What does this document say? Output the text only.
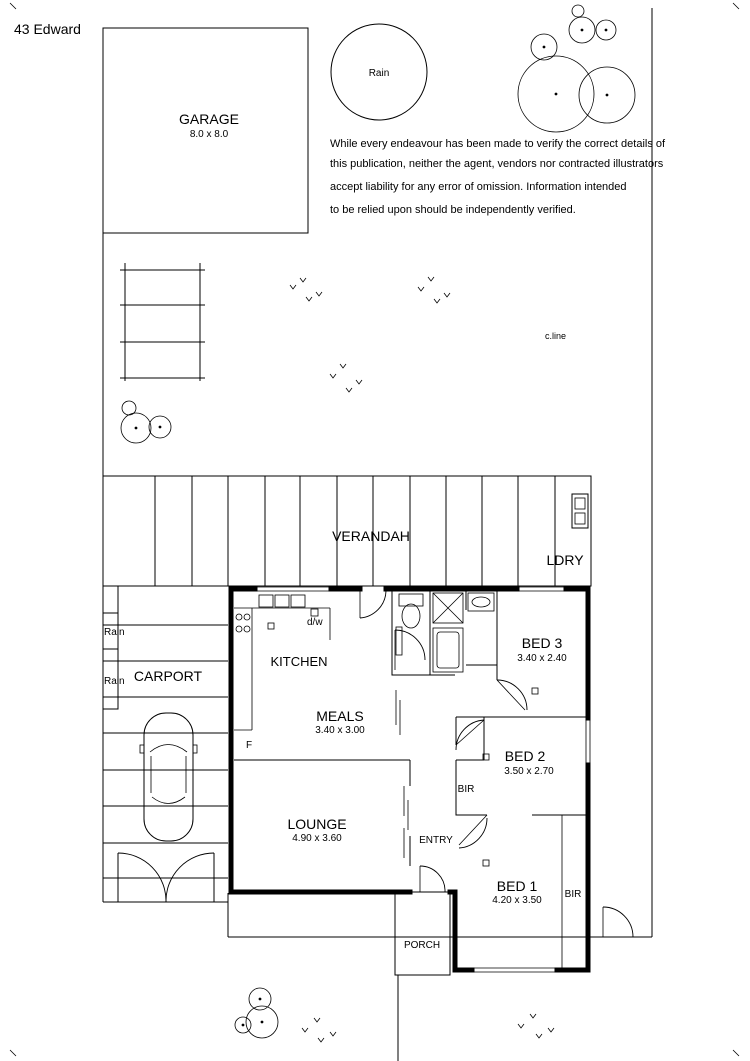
43 Edward
GARAGE
8.0 x 8.0
Rain
While every endeavour has been made to verify the correct details of
this publication, neither the agent, vendors nor contracted illustrators
accept liability for any error of omission. Information intended
to be relied upon should be independently verified.
c.line
VERANDAH
LDRY
Rain
Rain CARPORT
PORCH
d/w
KITCHEN
F
MEALS
3.40 x 3.00
LOUNGE
4.90 x 3.60	ENTRY
BED 3
3.40 x 2.40
BED 2
3.50 x 2.70
BIR
BED 1
4.20 x 3.50
BIR
